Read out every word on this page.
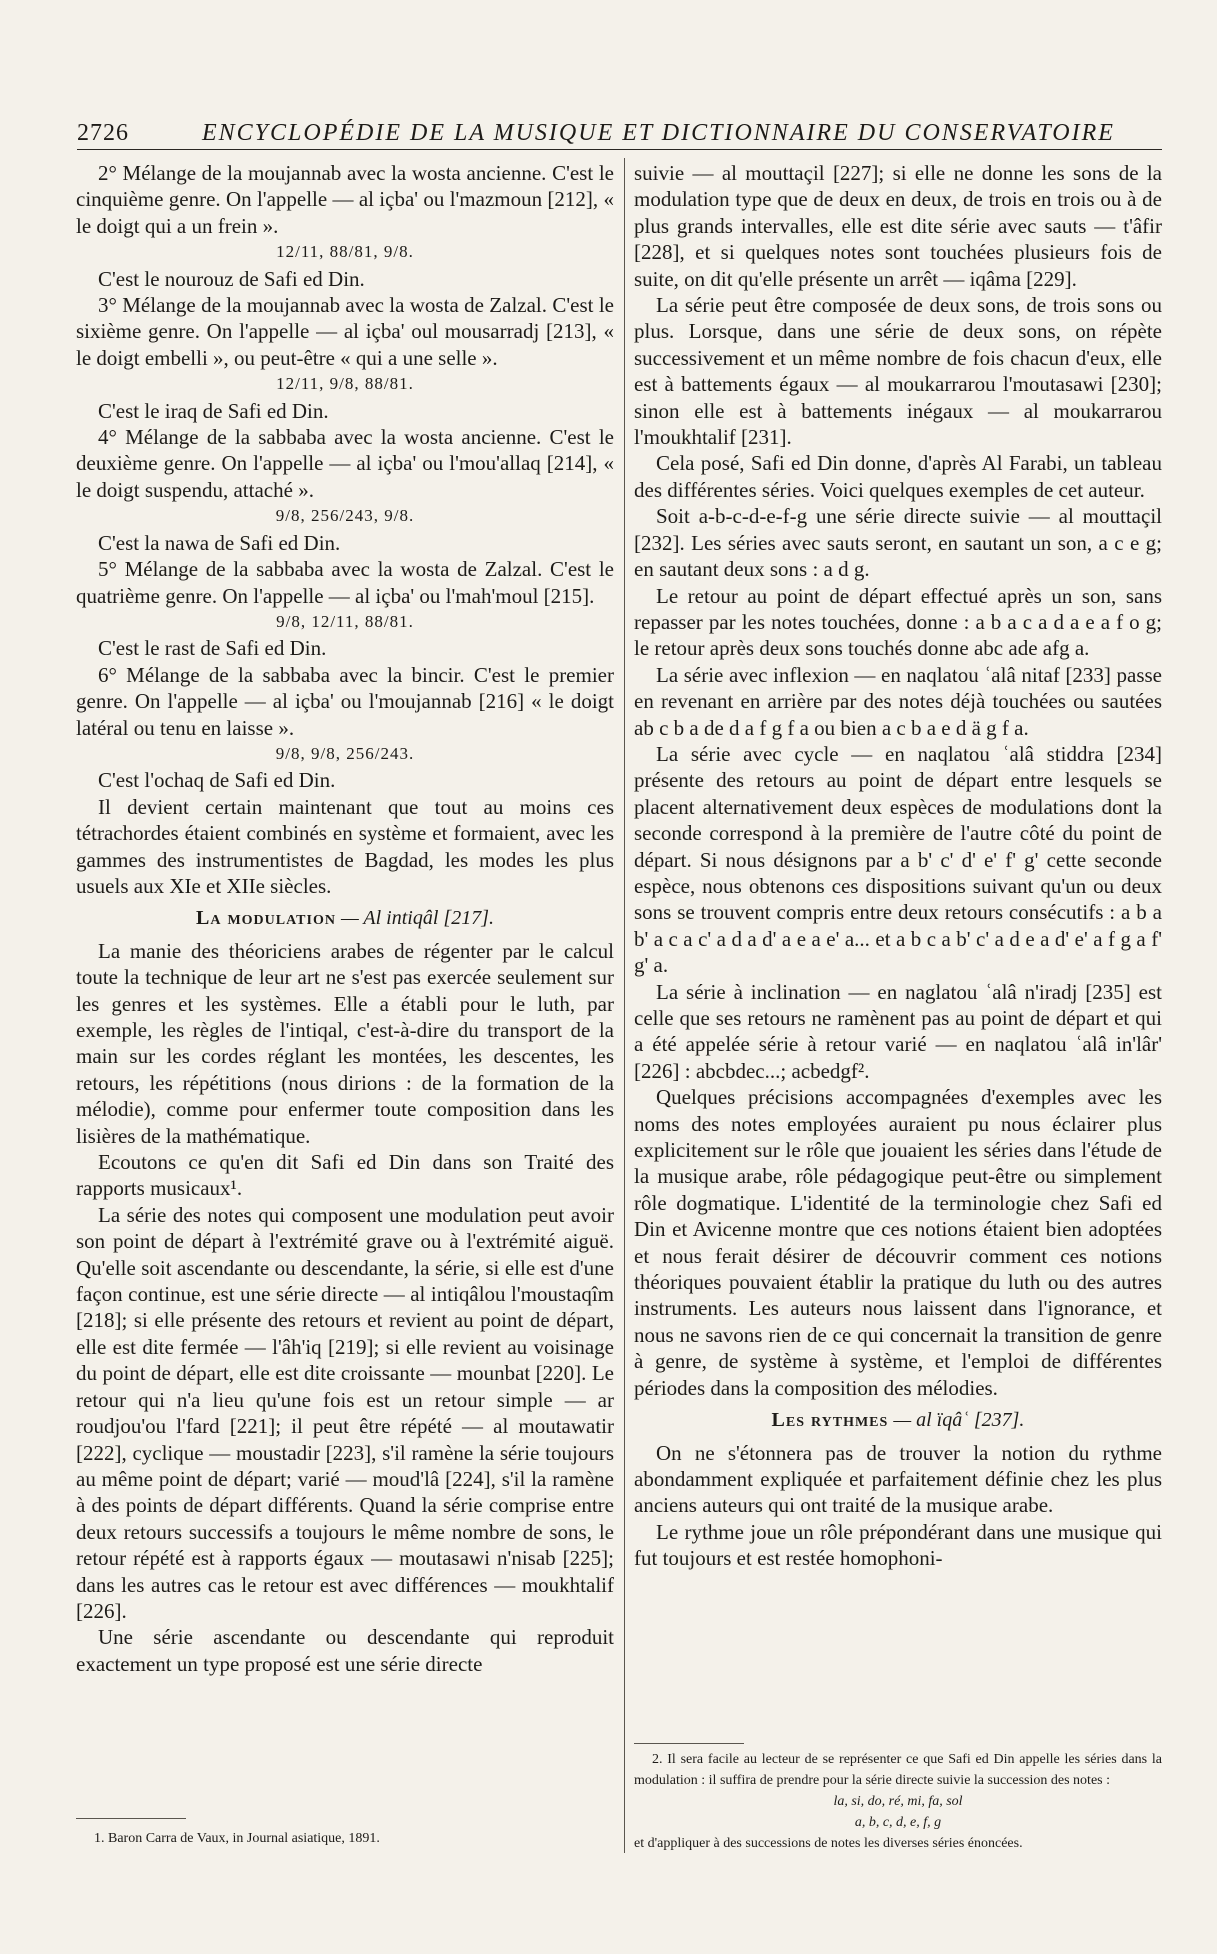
2726	ENCYCLOPÉDIE DE LA MUSIQUE ET DICTIONNAIRE DU CONSERVATOIRE

2° Mélange de la moujannab avec la wosta ancienne. C'est le cinquième genre. On l'appelle — al içba' ou l'mazmoun [212], « le doigt qui a un frein ».

12/11, 88/81, 9/8.

C'est le nourouz de Safi ed Din.

3° Mélange de la moujannab avec la wosta de Zalzal. C'est le sixième genre. On l'appelle — al içba' oul mousarradj [213], « le doigt embelli », ou peut-être « qui a une selle ».

12/11, 9/8, 88/81.

C'est le iraq de Safi ed Din.

4° Mélange de la sabbaba avec la wosta ancienne. C'est le deuxième genre. On l'appelle — al içba' ou l'mou'allaq [214], « le doigt suspendu, attaché ».

9/8, 256/243, 9/8.

C'est la nawa de Safi ed Din.

5° Mélange de la sabbaba avec la wosta de Zalzal. C'est le quatrième genre. On l'appelle — al içba' ou l'mah'moul [215].

9/8, 12/11, 88/81.

C'est le rast de Safi ed Din.

6° Mélange de la sabbaba avec la bincir. C'est le premier genre. On l'appelle — al içba' ou l'moujannab [216] « le doigt latéral ou tenu en laisse ».

9/8, 9/8, 256/243.

C'est l'ochaq de Safi ed Din.

Il devient certain maintenant que tout au moins ces tétrachordes étaient combinés en système et formaient, avec les gammes des instrumentistes de Bagdad, les modes les plus usuels aux XIe et XIIe siècles.

La modulation — Al intiqâl [217].

La manie des théoriciens arabes de régenter par le calcul toute la technique de leur art ne s'est pas exercée seulement sur les genres et les systèmes. Elle a établi pour le luth, par exemple, les règles de l'intiqal, c'est-à-dire du transport de la main sur les cordes réglant les montées, les descentes, les retours, les répétitions (nous dirions : de la formation de la mélodie), comme pour enfermer toute composition dans les lisières de la mathématique.

Ecoutons ce qu'en dit Safi ed Din dans son Traité des rapports musicaux¹.

La série des notes qui composent une modulation peut avoir son point de départ à l'extrémité grave ou à l'extrémité aiguë. Qu'elle soit ascendante ou descendante, la série, si elle est d'une façon continue, est une série directe — al intiqâlou l'moustaqîm [218]; si elle présente des retours et revient au point de départ, elle est dite fermée — l'âh'iq [219]; si elle revient au voisinage du point de départ, elle est dite croissante — mounbat [220]. Le retour qui n'a lieu qu'une fois est un retour simple — ar roudjou'ou l'fard [221]; il peut être répété — al moutawatir [222], cyclique — moustadir [223], s'il ramène la série toujours au même point de départ; varié — moud'lâ [224], s'il la ramène à des points de départ différents. Quand la série comprise entre deux retours successifs a toujours le même nombre de sons, le retour répété est à rapports égaux — moutasawi n'nisab [225]; dans les autres cas le retour est avec différences — moukhtalif [226].

Une série ascendante ou descendante qui reproduit exactement un type proposé est une série directe

suivie — al mouttaçil [227]; si elle ne donne les sons de la modulation type que de deux en deux, de trois en trois ou à de plus grands intervalles, elle est dite série avec sauts — t'âfir [228], et si quelques notes sont touchées plusieurs fois de suite, on dit qu'elle présente un arrêt — iqâma [229].

La série peut être composée de deux sons, de trois sons ou plus. Lorsque, dans une série de deux sons, on répète successivement et un même nombre de fois chacun d'eux, elle est à battements égaux — al moukarrarou l'moutasawi [230]; sinon elle est à battements inégaux — al moukarrarou l'moukhtalif [231].

Cela posé, Safi ed Din donne, d'après Al Farabi, un tableau des différentes séries. Voici quelques exemples de cet auteur.

Soit a-b-c-d-e-f-g une série directe suivie — al mouttaçil [232]. Les séries avec sauts seront, en sautant un son, a c e g; en sautant deux sons : a d g.

Le retour au point de départ effectué après un son, sans repasser par les notes touchées, donne : a b a c a d a e a f o g; le retour après deux sons touchés donne abc ade afg a.

La série avec inflexion — en naqlatou ʿalâ nitaf [233] passe en revenant en arrière par des notes déjà touchées ou sautées ab c b a de d a f g f a ou bien a c b a e d ä g f a.

La série avec cycle — en naqlatou ʿalâ stiddra [234] présente des retours au point de départ entre lesquels se placent alternativement deux espèces de modulations dont la seconde correspond à la première de l'autre côté du point de départ. Si nous désignons par a b' c' d' e' f' g' cette seconde espèce, nous obtenons ces dispositions suivant qu'un ou deux sons se trouvent compris entre deux retours consécutifs : a b a b' a c a c' a d a d' a e a e' a... et a b c a b' c' a d e a d' e' a f g a f' g' a.

La série à inclination — en naglatou ʿalâ n'iradj [235] est celle que ses retours ne ramènent pas au point de départ et qui a été appelée série à retour varié — en naqlatou ʿalâ in'lâr' [226] : abcbdec...; acbedgf².

Quelques précisions accompagnées d'exemples avec les noms des notes employées auraient pu nous éclairer plus explicitement sur le rôle que jouaient les séries dans l'étude de la musique arabe, rôle pédagogique peut-être ou simplement rôle dogmatique. L'identité de la terminologie chez Safi ed Din et Avicenne montre que ces notions étaient bien adoptées et nous ferait désirer de découvrir comment ces notions théoriques pouvaient établir la pratique du luth ou des autres instruments. Les auteurs nous laissent dans l'ignorance, et nous ne savons rien de ce qui concernait la transition de genre à genre, de système à système, et l'emploi de différentes périodes dans la composition des mélodies.

Les rythmes — al ïqâʿ [237].

On ne s'étonnera pas de trouver la notion du rythme abondamment expliquée et parfaitement définie chez les plus anciens auteurs qui ont traité de la musique arabe.

Le rythme joue un rôle prépondérant dans une musique qui fut toujours et est restée homophoni-

1. Baron Carra de Vaux, in Journal asiatique, 1891.

2. Il sera facile au lecteur de se représenter ce que Safi ed Din appelle les séries dans la modulation : il suffira de prendre pour la série directe suivie la succession des notes :

la, si, do, ré, mi, fa, sol

a, b, c, d, e, f, g

et d'appliquer à des successions de notes les diverses séries énoncées.
